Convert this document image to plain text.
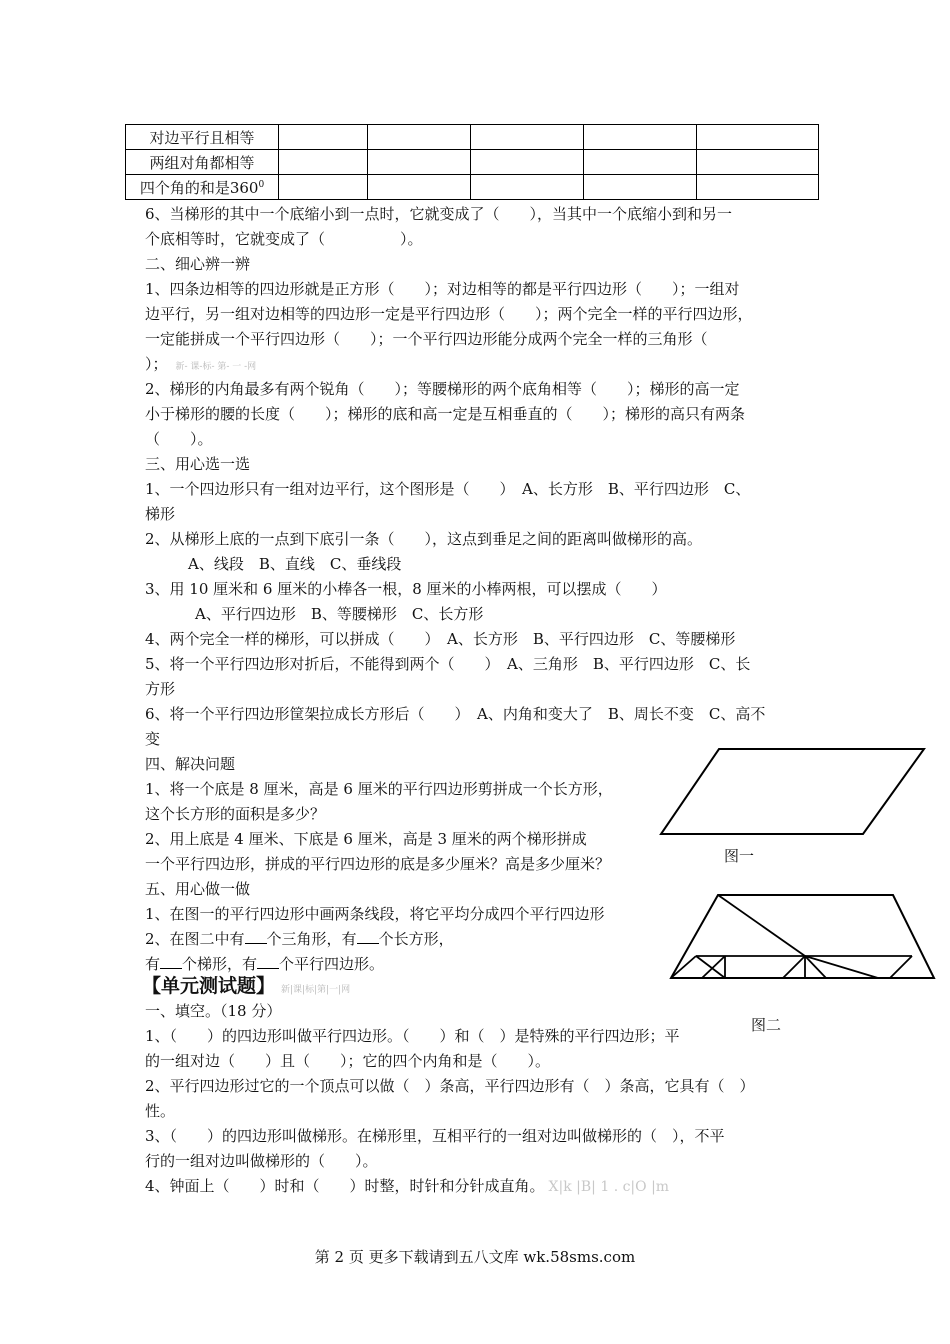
对边平行且相等					
两组对角都相等					
四个角的和是$360^0$					
6、当梯形的其中一个底缩小到一点时，它就变成了（　　），当其中一个底缩小到和另一
个底相等时，它就变成了（　　　　　）。
二、细心辨一辨
1、四条边相等的四边形就是正方形（　　）；对边相等的都是平行四边形（　　）；一组对
边平行，另一组对边相等的四边形一定是平行四边形（　　）；两个完全一样的平行四边形，
一定能拼成一个平行四边形（　　）；一个平行四边形能分成两个完全一样的三角形（
）； 新- 课-标- 第- 一 -网
2、梯形的内角最多有两个锐角（　　）；等腰梯形的两个底角相等（　　）；梯形的高一定
小于梯形的腰的长度（　　）；梯形的底和高一定是互相垂直的（　　）；梯形的高只有两条
（　　）。
三、用心选一选
1、一个四边形只有一组对边平行，这个图形是（　　）　A、长方形　B、平行四边形　C、
梯形
2、从梯形上底的一点到下底引一条（　　），这点到垂足之间的距离叫做梯形的高。
A、线段　B、直线　C、垂线段
3、用 10 厘米和 6 厘米的小棒各一根，8 厘米的小棒两根，可以摆成（　　）
A、平行四边形　B、等腰梯形　C、长方形
4、两个完全一样的梯形，可以拼成（　　）　A、长方形　B、平行四边形　C、等腰梯形
5、将一个平行四边形对折后，不能得到两个（　　）　A、三角形　B、平行四边形　C、长
方形
6、将一个平行四边形筐架拉成长方形后（　　）　A、内角和变大了　B、周长不变　C、高不
变
四、解决问题
1、将一个底是 8 厘米，高是 6 厘米的平行四边形剪拼成一个长方形，
这个长方形的面积是多少？
2、用上底是 4 厘米、下底是 6 厘米，高是 3 厘米的两个梯形拼成
一个平行四边形，拼成的平行四边形的底是多少厘米？高是多少厘米？
五、用心做一做
1、在图一的平行四边形中画两条线段，将它平均分成四个平行四边形
2、在图二中有 个三角形，有 个长方形，
有 个梯形，有 个平行四边形。
【单元测试题】 新|课|标|第|一|网
一、填空。（18 分）
1、（　　）的四边形叫做平行四边形。（　　）和（　）是特殊的平行四边形；平
的一组对边（　　）且（　　）；它的四个内角和是（　　）。
2、平行四边形过它的一个顶点可以做（　）条高，平行四边形有（　）条高，它具有（　）
性。
3、（　　）的四边形叫做梯形。在梯形里，互相平行的一组对边叫做梯形的（　），不平
行的一组对边叫做梯形的（　　）。
4、钟面上（　　）时和（　　）时整，时针和分针成直角。 X|k |B| 1 . c|O |m
图一
图二
第 2 页 更多下载请到五八文库 wk.58sms.com
